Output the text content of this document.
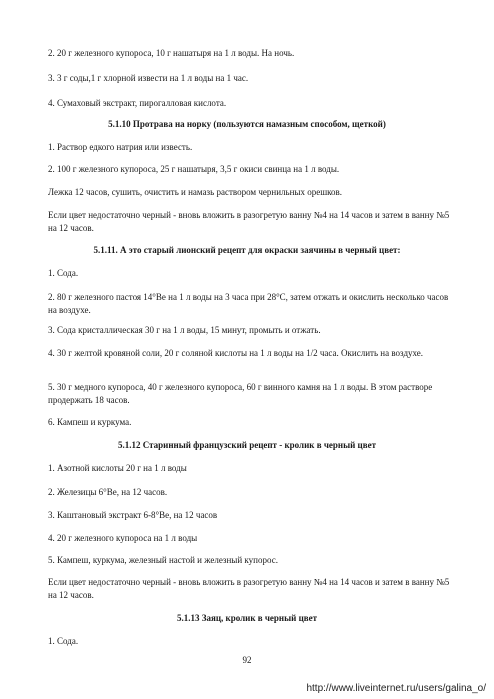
2. 20 г железного купороса, 10 г нашатыря на 1 л воды. На ночь.

3. 3 г соды,1 г хлорной извести на 1 л воды на 1 час.

4. Сумаховый экстракт, пирогалловая кислота.

5.1.10 Протрава на норку (пользуются намазным способом, щеткой)

1. Раствор едкого натрия или известь.

2. 100 г железного купороса, 25 г нашатыря, 3,5 г окиси свинца на 1 л воды.

Лежка 12 часов, сушить, очистить и намазь раствором чернильных орешков.

Если цвет недостаточно черный - вновь вложить в разогретую ванну №4 на 14 часов и затем в ванну №5 на 12 часов.

5.1.11. А это старый лионский рецепт для окраски заячины в черный цвет:

1. Сода.

2. 80 г железного пастоя 14°Ве на 1 л воды на 3 часа при 28°С, затем отжать и окислить несколько часов на воздухе.

3. Сода кристаллическая 30 г на 1 л воды, 15 минут, промыть и отжать.

4. 30 г желтой кровяной соли, 20 г соляной кислоты на 1 л воды на 1/2 часа. Окислить на воздухе.

5. 30 г медного купороса, 40 г железного купороса, 60 г винного камня на 1 л воды. В этом растворе продержать 18 часов.

6. Кампеш и куркума.

5.1.12 Старинный французский рецепт - кролик в черный цвет

1. Азотной кислоты 20 г на 1 л воды

2. Железицы 6°Ве, на 12 часов.

3. Каштановый экстракт 6-8°Ве, на 12 часов

4. 20 г железного купороса на 1 л воды

5. Кампеш, куркума, железный настой и железный купорос.

Если цвет недостаточно черный - вновь вложить в разогретую ванну №4 на 14 часов и затем в ванну №5 на 12 часов.

5.1.13 Заяц, кролик в черный цвет

1. Сода.

92
http://www.liveinternet.ru/users/galina_o/
